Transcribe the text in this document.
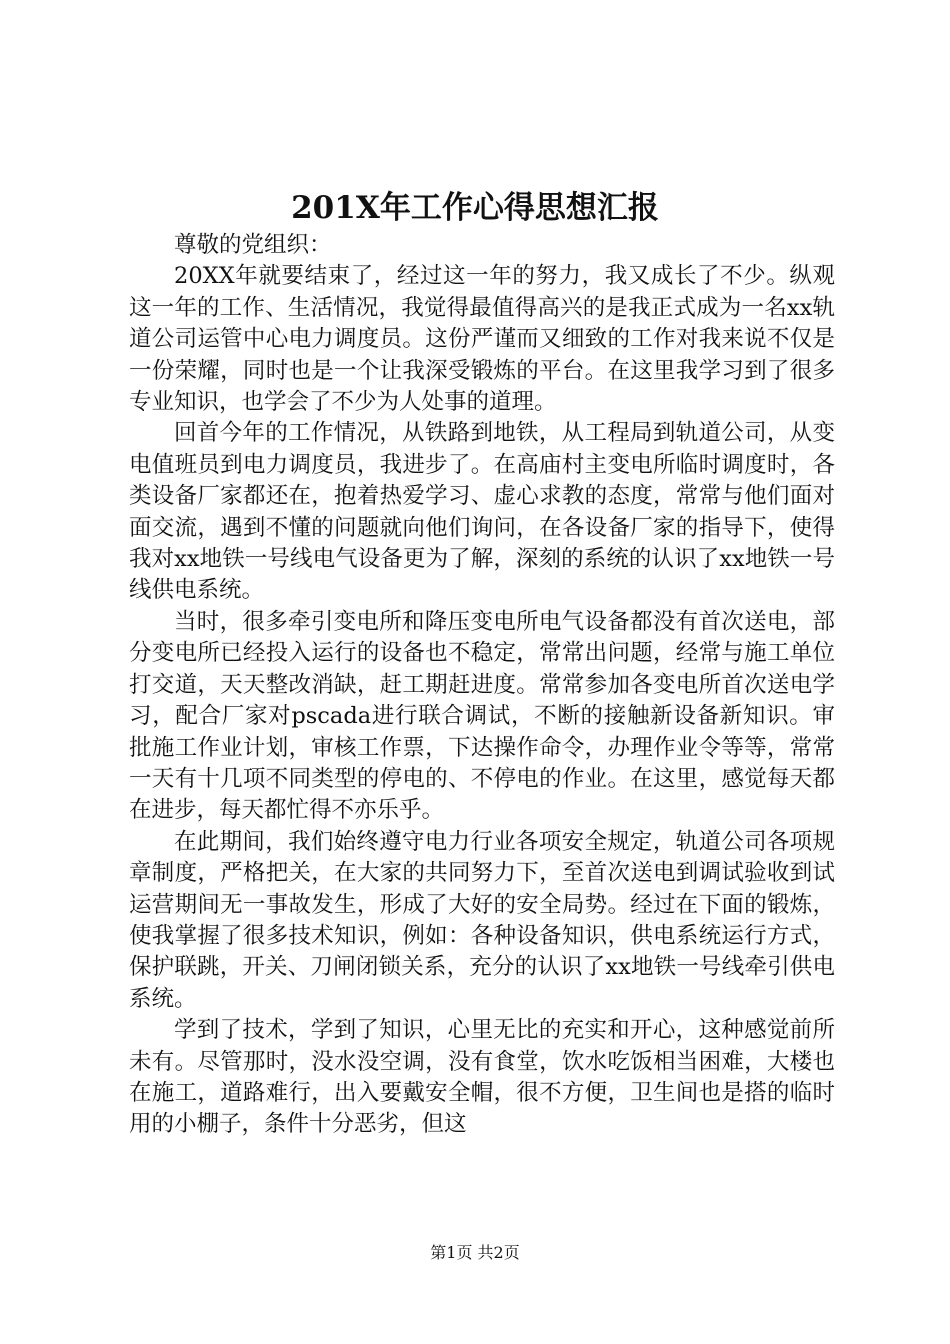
201X年工作心得思想汇报

尊敬的党组织：

20XX年就要结束了，经过这一年的努力，我又成长了不少。纵观这一年的工作、生活情况，我觉得最值得高兴的是我正式成为一名xx轨道公司运管中心电力调度员。这份严谨而又细致的工作对我来说不仅是一份荣耀，同时也是一个让我深受锻炼的平台。在这里我学习到了很多专业知识，也学会了不少为人处事的道理。

回首今年的工作情况，从铁路到地铁，从工程局到轨道公司，从变电值班员到电力调度员，我进步了。在高庙村主变电所临时调度时，各类设备厂家都还在，抱着热爱学习、虚心求教的态度，常常与他们面对面交流，遇到不懂的问题就向他们询问，在各设备厂家的指导下，使得我对xx地铁一号线电气设备更为了解，深刻的系统的认识了xx地铁一号线供电系统。

当时，很多牵引变电所和降压变电所电气设备都没有首次送电，部分变电所已经投入运行的设备也不稳定，常常出问题，经常与施工单位打交道，天天整改消缺，赶工期赶进度。常常参加各变电所首次送电学习，配合厂家对pscada进行联合调试，不断的接触新设备新知识。审批施工作业计划，审核工作票，下达操作命令，办理作业令等等，常常一天有十几项不同类型的停电的、不停电的作业。在这里，感觉每天都在进步，每天都忙得不亦乐乎。

在此期间，我们始终遵守电力行业各项安全规定，轨道公司各项规章制度，严格把关，在大家的共同努力下，至首次送电到调试验收到试运营期间无一事故发生，形成了大好的安全局势。经过在下面的锻炼，使我掌握了很多技术知识，例如：各种设备知识，供电系统运行方式，保护联跳，开关、刀闸闭锁关系，充分的认识了xx地铁一号线牵引供电系统。

学到了技术，学到了知识，心里无比的充实和开心，这种感觉前所未有。尽管那时，没水没空调，没有食堂，饮水吃饭相当困难，大楼也在施工，道路难行，出入要戴安全帽，很不方便，卫生间也是搭的临时用的小棚子，条件十分恶劣，但这

第1页 共2页
